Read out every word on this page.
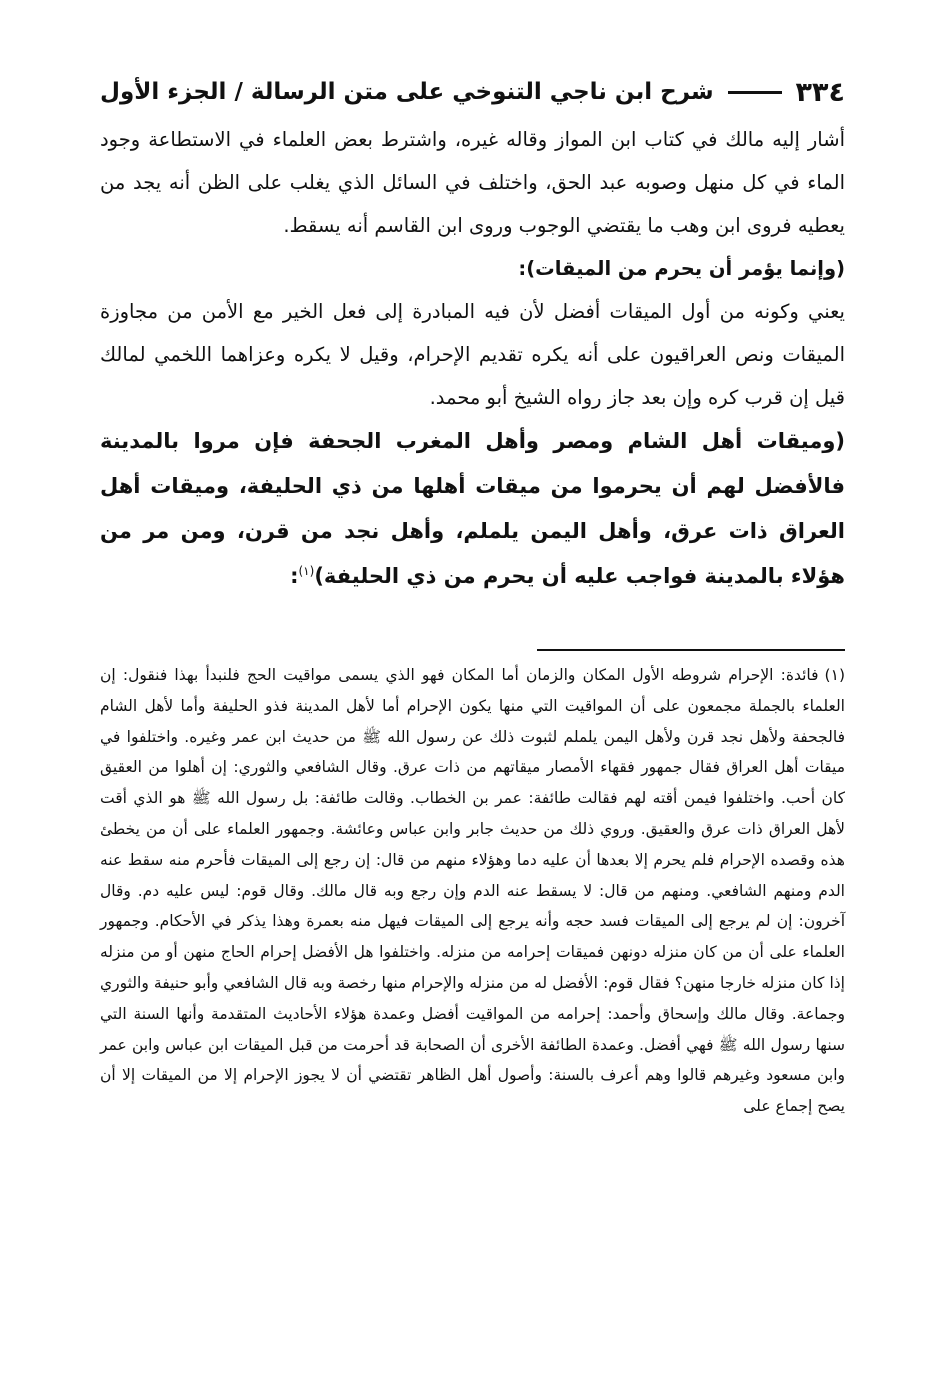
٣٣٤
شرح ابن ناجي التنوخي على متن الرسالة / الجزء الأول

أشار إليه مالك في كتاب ابن المواز وقاله غيره، واشترط بعض العلماء في الاستطاعة وجود الماء في كل منهل وصوبه عبد الحق، واختلف في السائل الذي يغلب على الظن أنه يجد من يعطيه فروى ابن وهب ما يقتضي الوجوب وروى ابن القاسم أنه يسقط.

(وإنما يؤمر أن يحرم من الميقات):

يعني وكونه من أول الميقات أفضل لأن فيه المبادرة إلى فعل الخير مع الأمن من مجاوزة الميقات ونص العراقيون على أنه يكره تقديم الإحرام، وقيل لا يكره وعزاهما اللخمي لمالك قيل إن قرب كره وإن بعد جاز رواه الشيخ أبو محمد.

(وميقات أهل الشام ومصر وأهل المغرب الجحفة فإن مروا بالمدينة فالأفضل لهم أن يحرموا من ميقات أهلها من ذي الحليفة، وميقات أهل العراق ذات عرق، وأهل اليمن يلملم، وأهل نجد من قرن، ومن مر من هؤلاء بالمدينة فواجب عليه أن يحرم من ذي الحليفة)$^{(١)}$:

(١)فائدة: الإحرام شروطه الأول المكان والزمان أما المكان فهو الذي يسمى مواقيت الحج فلنبدأ بهذا فنقول: إن العلماء بالجملة مجمعون على أن المواقيت التي منها يكون الإحرام أما لأهل المدينة فذو الحليفة وأما لأهل الشام فالجحفة ولأهل نجد قرن ولأهل اليمن يلملم لثبوت ذلك عن رسول الله ﷺ من حديث ابن عمر وغيره. واختلفوا في ميقات أهل العراق فقال جمهور فقهاء الأمصار ميقاتهم من ذات عرق. وقال الشافعي والثوري: إن أهلوا من العقيق كان أحب. واختلفوا فيمن أقته لهم فقالت طائفة: عمر بن الخطاب. وقالت طائفة: بل رسول الله ﷺ هو الذي أقت لأهل العراق ذات عرق والعقيق. وروي ذلك من حديث جابر وابن عباس وعائشة. وجمهور العلماء على أن من يخطئ هذه وقصده الإحرام فلم يحرم إلا بعدها أن عليه دما وهؤلاء منهم من قال: إن رجع إلى الميقات فأحرم منه سقط عنه الدم ومنهم الشافعي. ومنهم من قال: لا يسقط عنه الدم وإن رجع وبه قال مالك. وقال قوم: ليس عليه دم. وقال آخرون: إن لم يرجع إلى الميقات فسد حجه وأنه يرجع إلى الميقات فيهل منه بعمرة وهذا يذكر في الأحكام. وجمهور العلماء على أن من كان منزله دونهن فميقات إحرامه من منزله. واختلفوا هل الأفضل إحرام الحاج منهن أو من منزله إذا كان منزله خارجا منهن؟ فقال قوم: الأفضل له من منزله والإحرام منها رخصة وبه قال الشافعي وأبو حنيفة والثوري وجماعة. وقال مالك وإسحاق وأحمد: إحرامه من المواقيت أفضل وعمدة هؤلاء الأحاديث المتقدمة وأنها السنة التي سنها رسول الله ﷺ فهي أفضل. وعمدة الطائفة الأخرى أن الصحابة قد أحرمت من قبل الميقات ابن عباس وابن عمر وابن مسعود وغيرهم قالوا وهم أعرف بالسنة: وأصول أهل الظاهر تقتضي أن لا يجوز الإحرام إلا من الميقات إلا أن يصح إجماع على
